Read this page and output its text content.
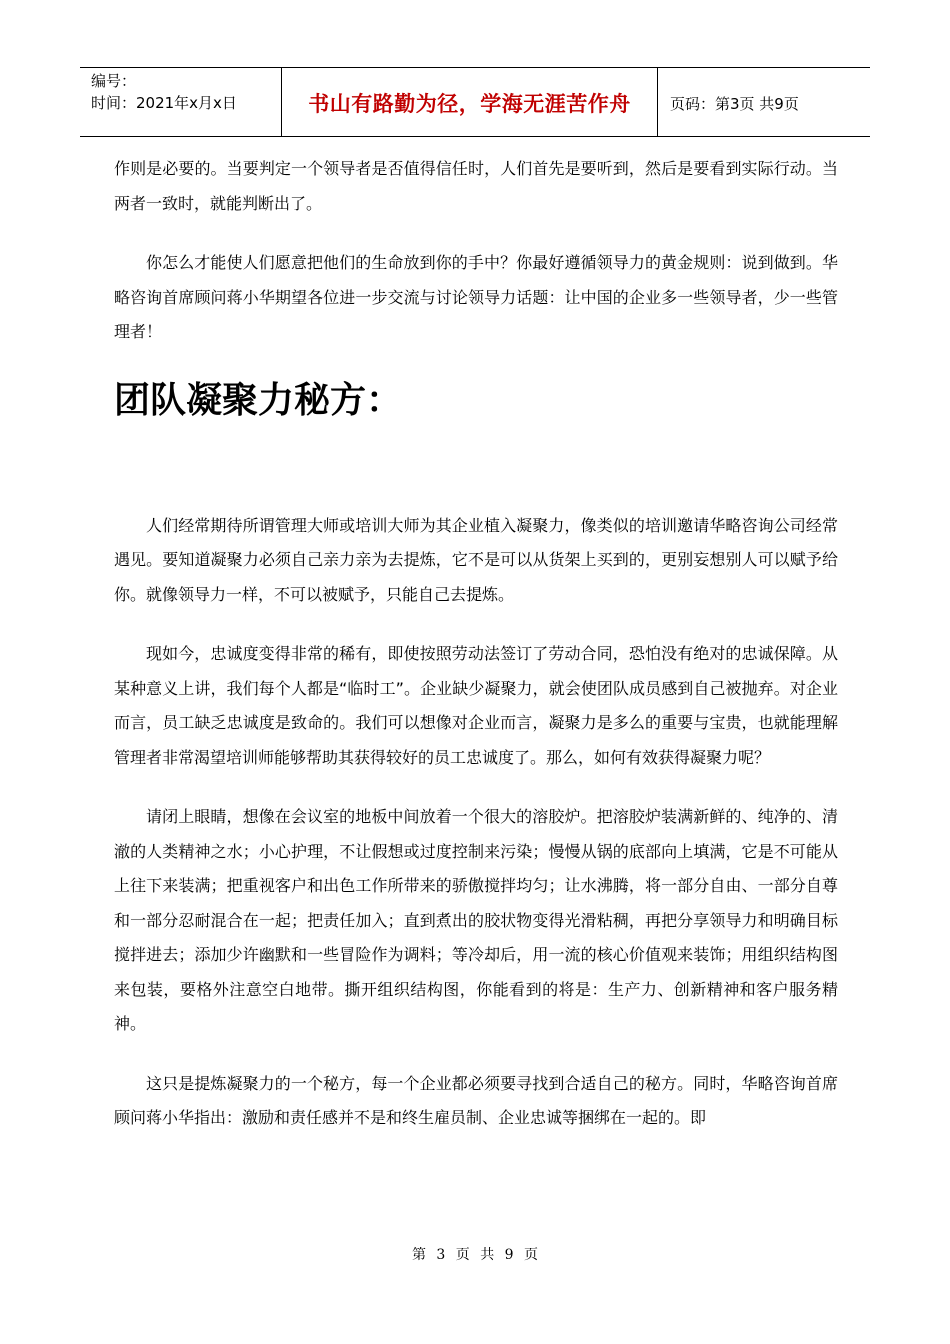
编号：
时间：2021年x月x日	书山有路勤为径，学海无涯苦作舟	页码：第3页 共9页

作则是必要的。当要判定一个领导者是否值得信任时，人们首先是要听到，然后是要看到实际行动。当两者一致时，就能判断出了。

你怎么才能使人们愿意把他们的生命放到你的手中？你最好遵循领导力的黄金规则：说到做到。华略咨询首席顾问蒋小华期望各位进一步交流与讨论领导力话题：让中国的企业多一些领导者，少一些管理者！

团队凝聚力秘方：

人们经常期待所谓管理大师或培训大师为其企业植入凝聚力，像类似的培训邀请华略咨询公司经常遇见。要知道凝聚力必须自己亲力亲为去提炼，它不是可以从货架上买到的，更别妄想别人可以赋予给你。就像领导力一样，不可以被赋予，只能自己去提炼。

现如今，忠诚度变得非常的稀有，即使按照劳动法签订了劳动合同，恐怕没有绝对的忠诚保障。从某种意义上讲，我们每个人都是“临时工”。企业缺少凝聚力，就会使团队成员感到自己被抛弃。对企业而言，员工缺乏忠诚度是致命的。我们可以想像对企业而言，凝聚力是多么的重要与宝贵，也就能理解管理者非常渴望培训师能够帮助其获得较好的员工忠诚度了。那么，如何有效获得凝聚力呢？

请闭上眼睛，想像在会议室的地板中间放着一个很大的溶胶炉。把溶胶炉装满新鲜的、纯净的、清澈的人类精神之水；小心护理，不让假想或过度控制来污染；慢慢从锅的底部向上填满，它是不可能从上往下来装满；把重视客户和出色工作所带来的骄傲搅拌均匀；让水沸腾，将一部分自由、一部分自尊和一部分忍耐混合在一起；把责任加入；直到煮出的胶状物变得光滑粘稠，再把分享领导力和明确目标搅拌进去；添加少许幽默和一些冒险作为调料；等冷却后，用一流的核心价值观来装饰；用组织结构图来包装，要格外注意空白地带。撕开组织结构图，你能看到的将是：生产力、创新精神和客户服务精神。

这只是提炼凝聚力的一个秘方，每一个企业都必须要寻找到合适自己的秘方。同时，华略咨询首席顾问蒋小华指出：激励和责任感并不是和终生雇员制、企业忠诚等捆绑在一起的。即

第 3 页 共 9 页
